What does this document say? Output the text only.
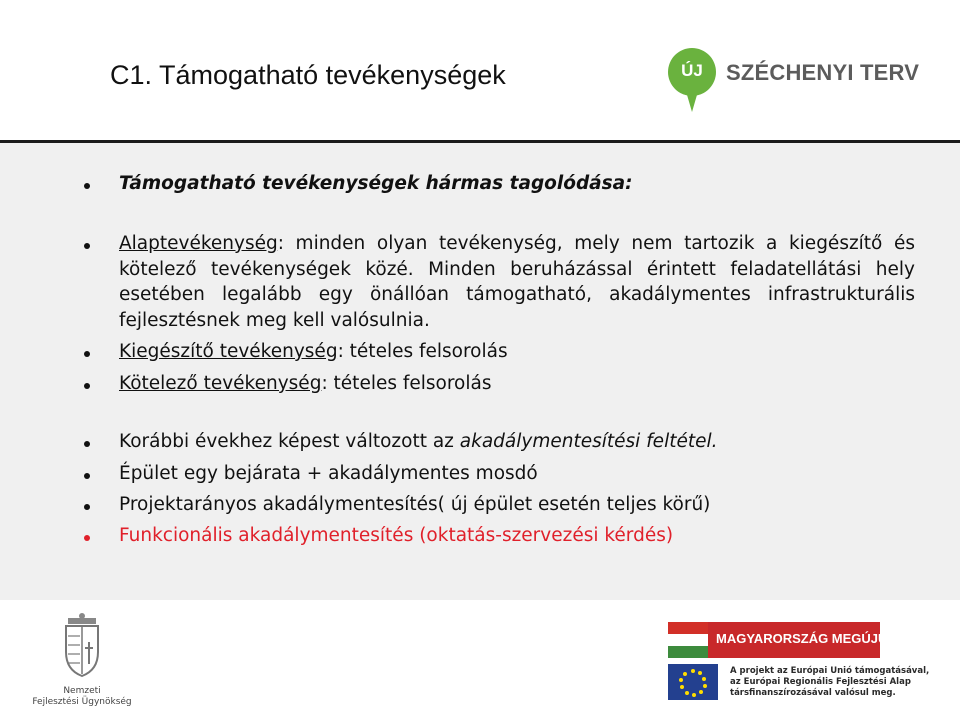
C1. Támogatható tevékenységek	ÚJ	SZÉCHENYI TERV
Támogatható tevékenységek hármas tagolódása:
Alaptevékenység: minden olyan tevékenység, mely nem tartozik a kiegészítő és kötelező tevékenységek közé. Minden beruházással érintett feladatellátási hely esetében legalább egy önállóan támogatható, akadálymentes infrastrukturális fejlesztésnek meg kell valósulnia.
Kiegészítő tevékenység: tételes felsorolás
Kötelező tevékenység: tételes felsorolás
Korábbi évekhez képest változott az akadálymentesítési feltétel.
Épület egy bejárata + akadálymentes mosdó
Projektarányos akadálymentesítés( új épület esetén teljes körű)
Funkcionális akadálymentesítés (oktatás-szervezési kérdés)
Nemzeti
Fejlesztési Ügynökség
MAGYARORSZÁG MEGÚJUL
A projekt az Európai Unió támogatásával,
az Európai Regionális Fejlesztési Alap
társfinanszírozásával valósul meg.
